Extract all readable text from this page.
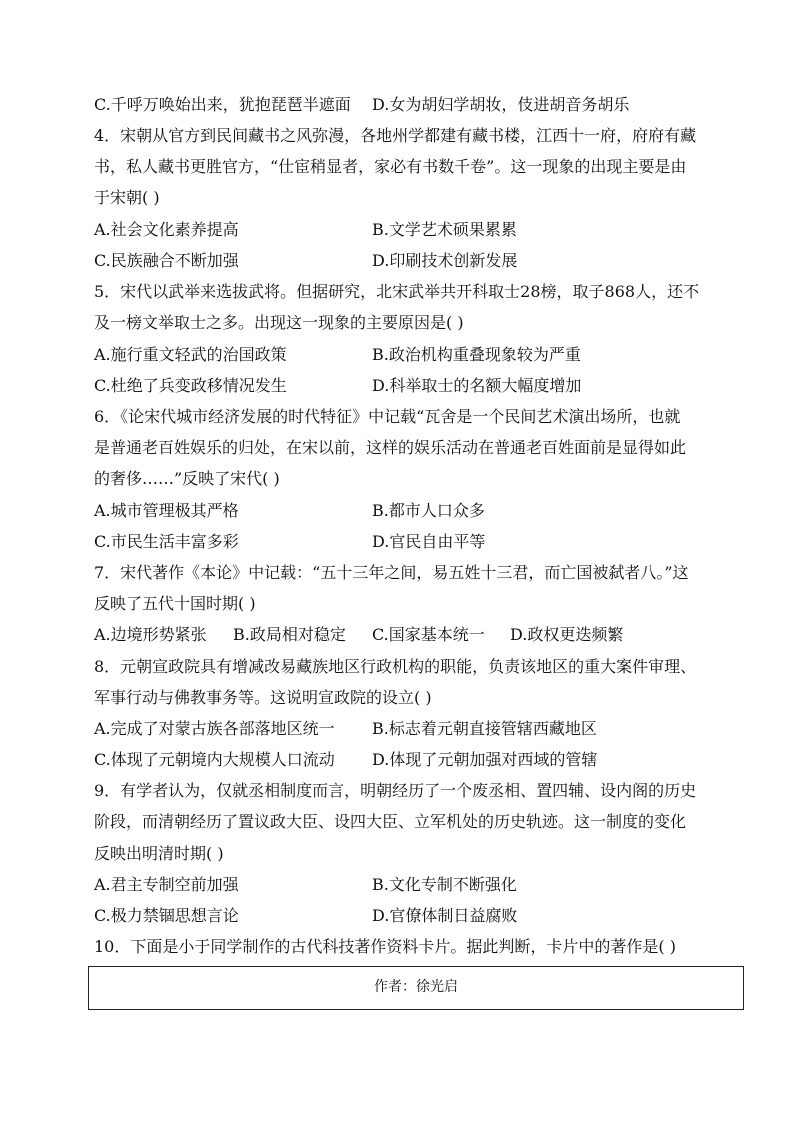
C.千呼万唤始出来，犹抱琵琶半遮面 D.女为胡妇学胡妆，伎进胡音务胡乐
4．宋朝从官方到民间藏书之风弥漫，各地州学都建有藏书楼，江西十一府，府府有藏
书，私人藏书更胜官方，“仕宦稍显者，家必有书数千卷”。这一现象的出现主要是由
于宋朝( )
A.社会文化素养提高	B.文学艺术硕果累累
C.民族融合不断加强	D.印刷技术创新发展
5．宋代以武举来选拔武将。但据研究，北宋武举共开科取士28榜，取子868人，还不
及一榜文举取士之多。出现这一现象的主要原因是( )
A.施行重文轻武的治国政策	B.政治机构重叠现象较为严重
C.杜绝了兵变政移情况发生	D.科举取士的名额大幅度增加
6．《论宋代城市经济发展的时代特征》中记载“瓦舍是一个民间艺术演出场所，也就
是普通老百姓娱乐的归处，在宋以前，这样的娱乐活动在普通老百姓面前是显得如此
的奢侈……”反映了宋代( )
A.城市管理极其严格	B.都市人口众多
C.市民生活丰富多彩	D.官民自由平等
7．宋代著作《本论》中记载：“五十三年之间，易五姓十三君，而亡国被弑者八。”这
反映了五代十国时期( )
A.边境形势紧张 B.政局相对稳定 C.国家基本统一 D.政权更迭频繁
8．元朝宣政院具有增减改易藏族地区行政机构的职能，负责该地区的重大案件审理、
军事行动与佛教事务等。这说明宣政院的设立( )
A.完成了对蒙古族各部落地区统一 B.标志着元朝直接管辖西藏地区
C.体现了元朝境内大规模人口流动 D.体现了元朝加强对西域的管辖
9．有学者认为，仅就丞相制度而言，明朝经历了一个废丞相、置四辅、设内阁的历史
阶段，而清朝经历了置议政大臣、设四大臣、立军机处的历史轨迹。这一制度的变化
反映出明清时期( )
A.君主专制空前加强	B.文化专制不断强化
C.极力禁锢思想言论	D.官僚体制日益腐败
10．下面是小于同学制作的古代科技著作资料卡片。据此判断，卡片中的著作是( )
作者：徐光启
